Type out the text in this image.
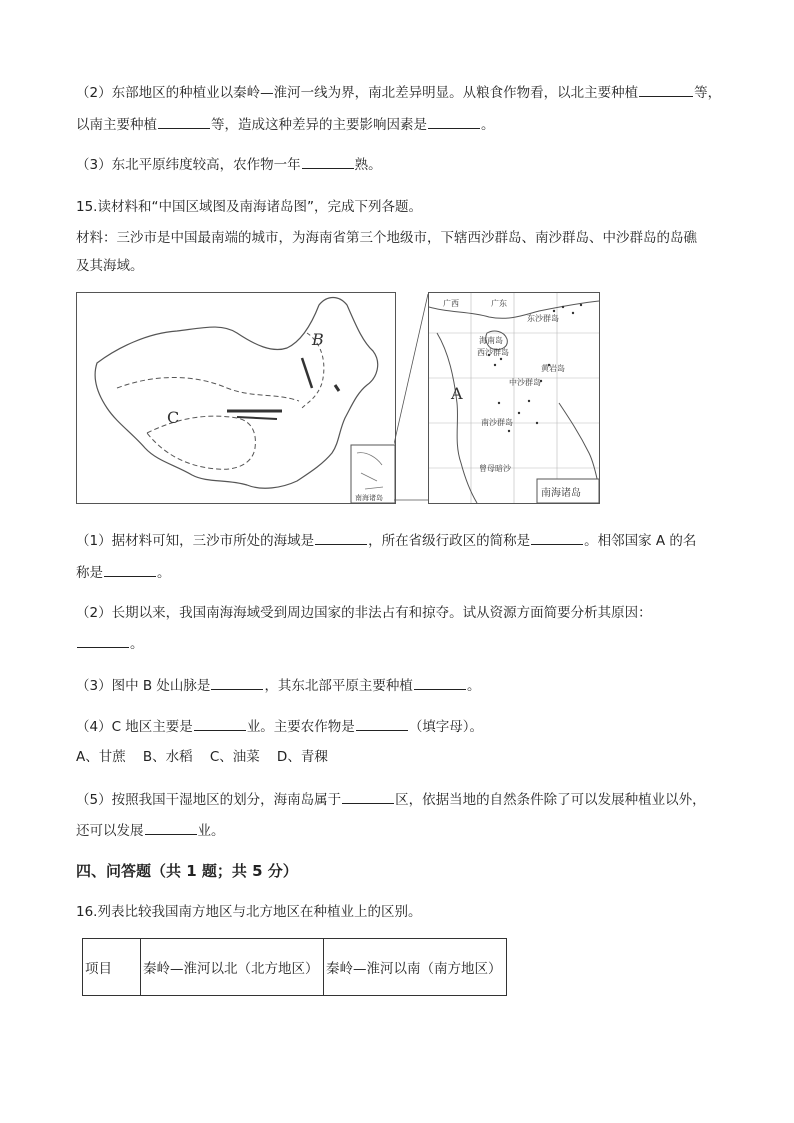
（2）东部地区的种植业以秦岭—淮河一线为界，南北差异明显。从粮食作物看，以北主要种植	等，
以南主要种植	等，造成这种差异的主要影响因素是	。
（3）东北平原纬度较高，农作物一年	熟。
15.读材料和“中国区域图及南海诸岛图”，完成下列各题。
材料：三沙市是中国最南端的城市，为海南省第三个地级市，下辖西沙群岛、南沙群岛、中沙群岛的岛礁
及其海域。
B
C
南海诸岛
广西	广东
东沙群岛
海南岛
西沙群岛
黄岩岛
中沙群岛
A
南沙群岛
曾母暗沙
南海诸岛
（1）据材料可知，三沙市所处的海域是	，所在省级行政区的简称是	。相邻国家 A 的名
称是	。
（2）长期以来，我国南海海域受到周边国家的非法占有和掠夺。试从资源方面简要分析其原因：
。
（3）图中 B 处山脉是	，其东北部平原主要种植	。
（4）C 地区主要是	业。主要农作物是	（填字母）。
A、甘蔗    B、水稻    C、油菜    D、青稞
（5）按照我国干湿地区的划分，海南岛属于	区，依据当地的自然条件除了可以发展种植业以外，
还可以发展	业。
四、问答题（共 1 题；共 5 分）
16.列表比较我国南方地区与北方地区在种植业上的区别。
项目	秦岭—淮河以北（北方地区）	秦岭—淮河以南（南方地区）
